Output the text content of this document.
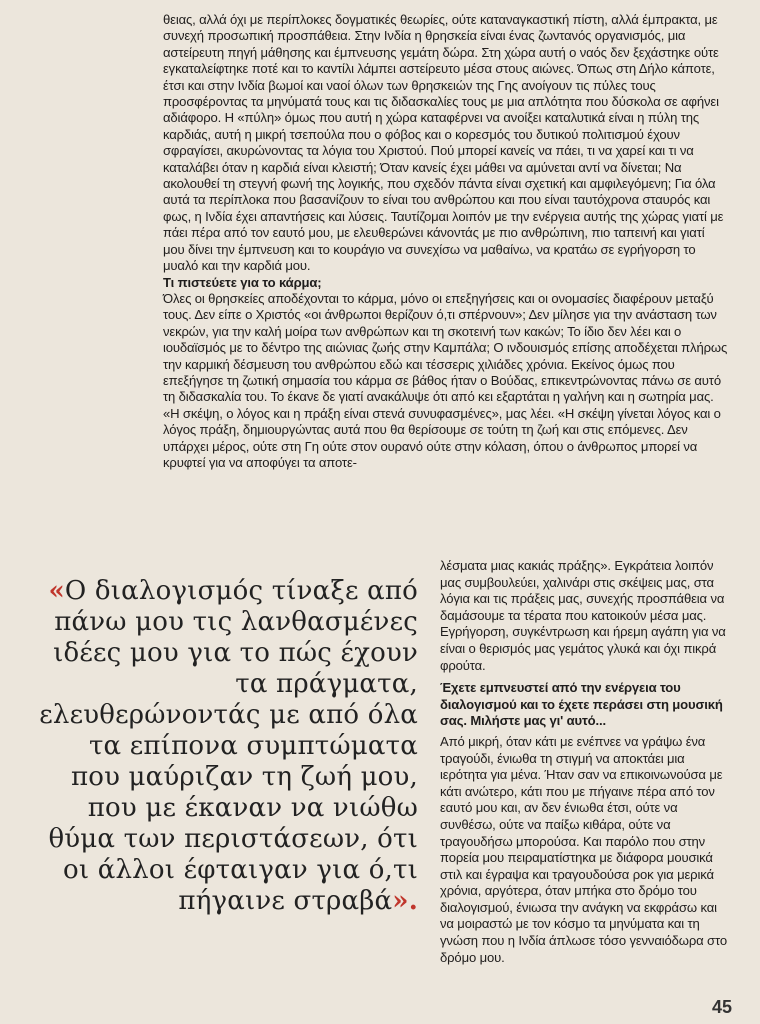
θειας, αλλά όχι με περίπλοκες δογματικές θεωρίες, ούτε καταναγκαστική πίστη, αλλά έμπρακτα, με συνεχή προσωπική προσπάθεια. Στην Ινδία η θρησκεία είναι ένας ζωντανός οργανισμός, μια αστείρευτη πηγή μάθησης και έμπνευσης γεμάτη δώρα. Στη χώρα αυτή ο ναός δεν ξεχάστηκε ούτε εγκαταλείφτηκε ποτέ και το καντίλι λάμπει αστείρευτο μέσα στους αιώνες. Όπως στη Δήλο κάποτε, έτσι και στην Ινδία βωμοί και ναοί όλων των θρησκειών της Γης ανοίγουν τις πύλες τους προσφέροντας τα μηνύματά τους και τις διδασκαλίες τους με μια απλότητα που δύσκολα σε αφήνει αδιάφορο. Η «πύλη» όμως που αυτή η χώρα καταφέρνει να ανοίξει καταλυτικά είναι η πύλη της καρδιάς, αυτή η μικρή τσεπούλα που ο φόβος και ο κορεσμός του δυτικού πολιτισμού έχουν σφραγίσει, ακυρώνοντας τα λόγια του Χριστού. Πού μπορεί κανείς να πάει, τι να χαρεί και τι να καταλάβει όταν η καρδιά είναι κλειστή; Όταν κανείς έχει μάθει να αμύνεται αντί να δίνεται; Να ακολουθεί τη στεγνή φωνή της λογικής, που σχεδόν πάντα είναι σχετική και αμφιλεγόμενη; Για όλα αυτά τα περίπλοκα που βασανίζουν το είναι του ανθρώπου και που είναι ταυτόχρονα σταυρός και φως, η Ινδία έχει απαντήσεις και λύσεις. Ταυτίζομαι λοιπόν με την ενέργεια αυτής της χώρας γιατί με πάει πέρα από τον εαυτό μου, με ελευθερώνει κάνοντάς με πιο ανθρώπινη, πιο ταπεινή και γιατί μου δίνει την έμπνευση και το κουράγιο να συνεχίσω να μαθαίνω, να κρατάω σε εγρήγορση το μυαλό και την καρδιά μου.

Τι πιστεύετε για το κάρμα;

Όλες οι θρησκείες αποδέχονται το κάρμα, μόνο οι επεξηγήσεις και οι ονομασίες διαφέρουν μεταξύ τους. Δεν είπε ο Χριστός «οι άνθρωποι θερίζουν ό,τι σπέρνουν»; Δεν μίλησε για την ανάσταση των νεκρών, για την καλή μοίρα των ανθρώπων και τη σκοτεινή των κακών; Το ίδιο δεν λέει και ο ιουδαϊσμός με το δέντρο της αιώνιας ζωής στην Καμπάλα; Ο ινδουισμός επίσης αποδέχεται πλήρως την καρμική δέσμευση του ανθρώπου εδώ και τέσσερις χιλιάδες χρόνια. Εκείνος όμως που επεξήγησε τη ζωτική σημασία του κάρμα σε βάθος ήταν ο Βούδας, επικεντρώνοντας πάνω σε αυτό τη διδασκαλία του. Το έκανε δε γιατί ανακάλυψε ότι από κει εξαρτάται η γαλήνη και η σωτηρία μας. «Η σκέψη, ο λόγος και η πράξη είναι στενά συνυφασμένες», μας λέει. «Η σκέψη γίνεται λόγος και ο λόγος πράξη, δημιουργώντας αυτά που θα θερίσουμε σε τούτη τη ζωή και στις επόμενες. Δεν υπάρχει μέρος, ούτε στη Γη ούτε στον ουρανό ούτε στην κόλαση, όπου ο άνθρωπος μπορεί να κρυφτεί για να αποφύγει τα αποτε-

«Ο διαλογισμός τίναξε από πάνω μου τις λανθασμένες ιδέες μου για το πώς έχουν τα πράγματα, ελευθερώνοντάς με από όλα τα επίπονα συμπτώματα που μαύριζαν τη ζωή μου, που με έκαναν να νιώθω θύμα των περιστάσεων, ότι οι άλλοι έφταιγαν για ό,τι πήγαινε στραβά».

λέσματα μιας κακιάς πράξης». Εγκράτεια λοιπόν μας συμβουλεύει, χαλινάρι στις σκέψεις μας, στα λόγια και τις πράξεις μας, συνεχής προσπάθεια να δαμάσουμε τα τέρατα που κατοικούν μέσα μας. Εγρήγορση, συγκέντρωση και ήρεμη αγάπη για να είναι ο θερισμός μας γεμάτος γλυκά και όχι πικρά φρούτα.

Έχετε εμπνευστεί από την ενέργεια του διαλογισμού και το έχετε περάσει στη μουσική σας. Μιλήστε μας γι' αυτό...

Από μικρή, όταν κάτι με ενέπνεε να γράψω ένα τραγούδι, ένιωθα τη στιγμή να αποκτάει μια ιερότητα για μένα. Ήταν σαν να επικοινωνούσα με κάτι ανώτερο, κάτι που με πήγαινε πέρα από τον εαυτό μου και, αν δεν ένιωθα έτσι, ούτε να συνθέσω, ούτε να παίξω κιθάρα, ούτε να τραγουδήσω μπορούσα. Και παρόλο που στην πορεία μου πειραματίστηκα με διάφορα μουσικά στιλ και έγραψα και τραγουδούσα ροκ για μερικά χρόνια, αργότερα, όταν μπήκα στο δρόμο του διαλογισμού, ένιωσα την ανάγκη να εκφράσω και να μοιραστώ με τον κόσμο τα μηνύματα και τη γνώση που η Ινδία άπλωσε τόσο γενναιόδωρα στο δρόμο μου.

45
